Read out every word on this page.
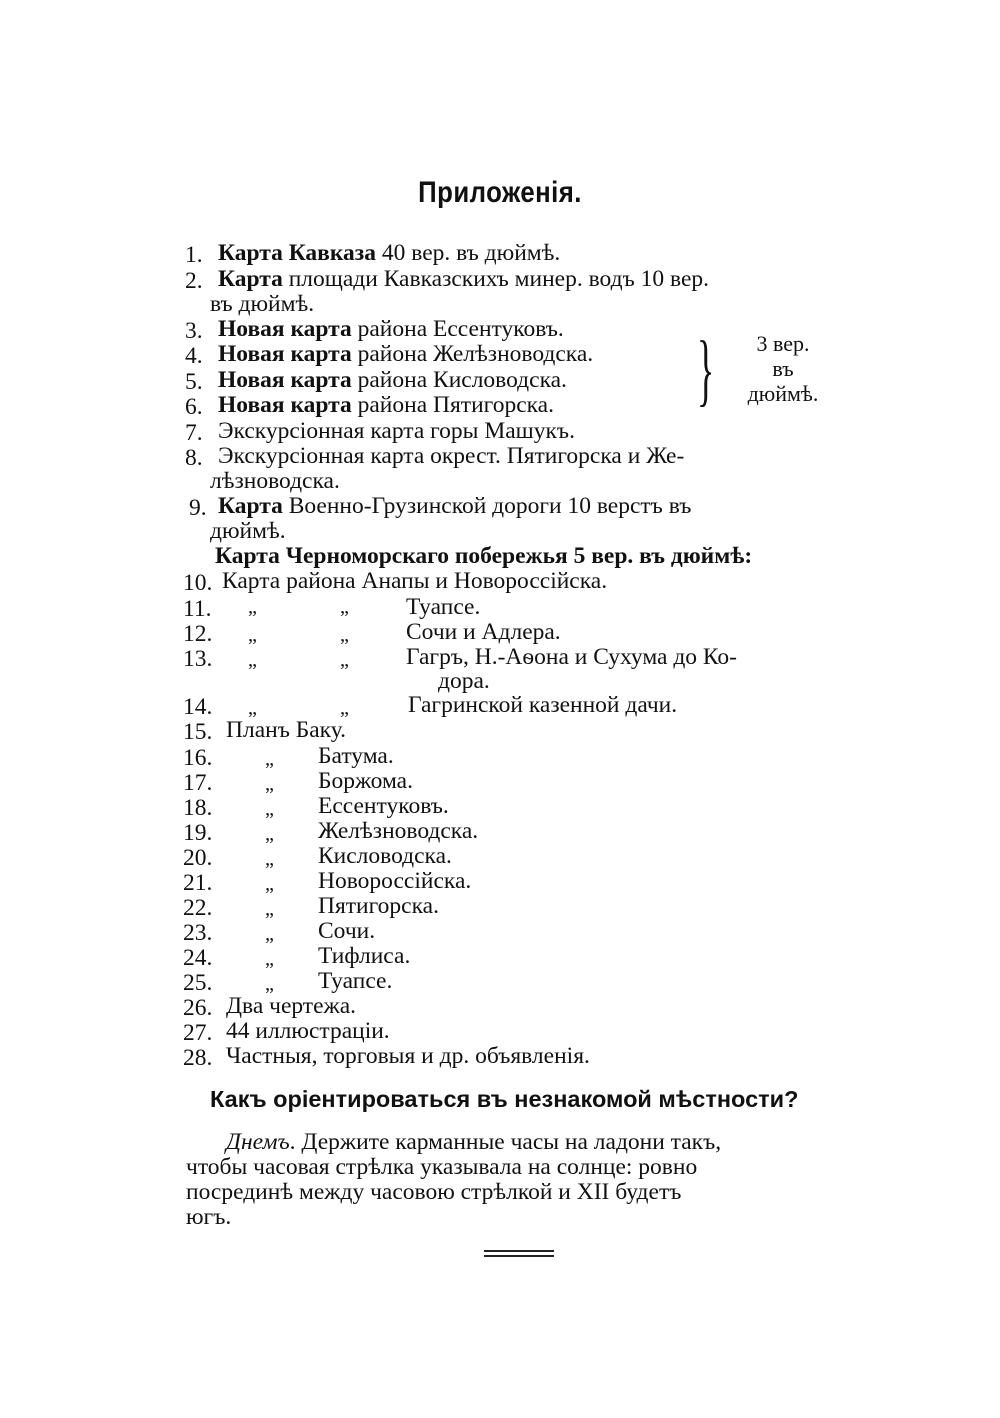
Приложенія.
1. Карта Кавказа 40 вер. въ дюймѣ.
2. Карта площади Кавказскихъ минер. водъ 10 вер.
въ дюймѣ.
3. Новая карта района Ессентуковъ.
4. Новая карта района Желѣзноводска.
5. Новая карта района Кисловодска.
6. Новая карта района Пятигорска. }	3 вер.
въ
дюймѣ.
7. Экскурсіонная карта горы Машукъ.
8. Экскурсіонная карта окрест. Пятигорска и Же-
лѣзноводска.
9. Карта Военно-Грузинской дороги 10 верстъ въ
дюймѣ.
Карта Черноморскаго побережья 5 вер. въ дюймѣ:
10. Карта района Анапы и Новороссійска.
11. „	„ Туапсе.
12. „	„ Сочи и Адлера.
13. „	„ Гагръ, Н.-Аѳона и Сухума до Ко-
дора.
14. „	„	Гагринской казенной дачи.
15. Планъ Баку.
16.	„ Батума.
17.	„ Боржома.
18.	„ Ессентуковъ.
19.	„ Желѣзноводска.
20.	„ Кисловодска.
21.	„ Новороссійска.
22.	„ Пятигорска.
23.	„ Сочи.
24.	„ Тифлиса.
25.	„ Туапсе.
26. Два чертежа.
27. 44 иллюстраціи.
28. Частныя, торговыя и др. объявленія.
Какъ оріентироваться въ незнакомой мѣстности?
Днемъ. Держите карманные часы на ладони такъ,
чтобы часовая стрѣлка указывала на солнце: ровно
посрединѣ между часовою стрѣлкой и XII будетъ
югъ.
